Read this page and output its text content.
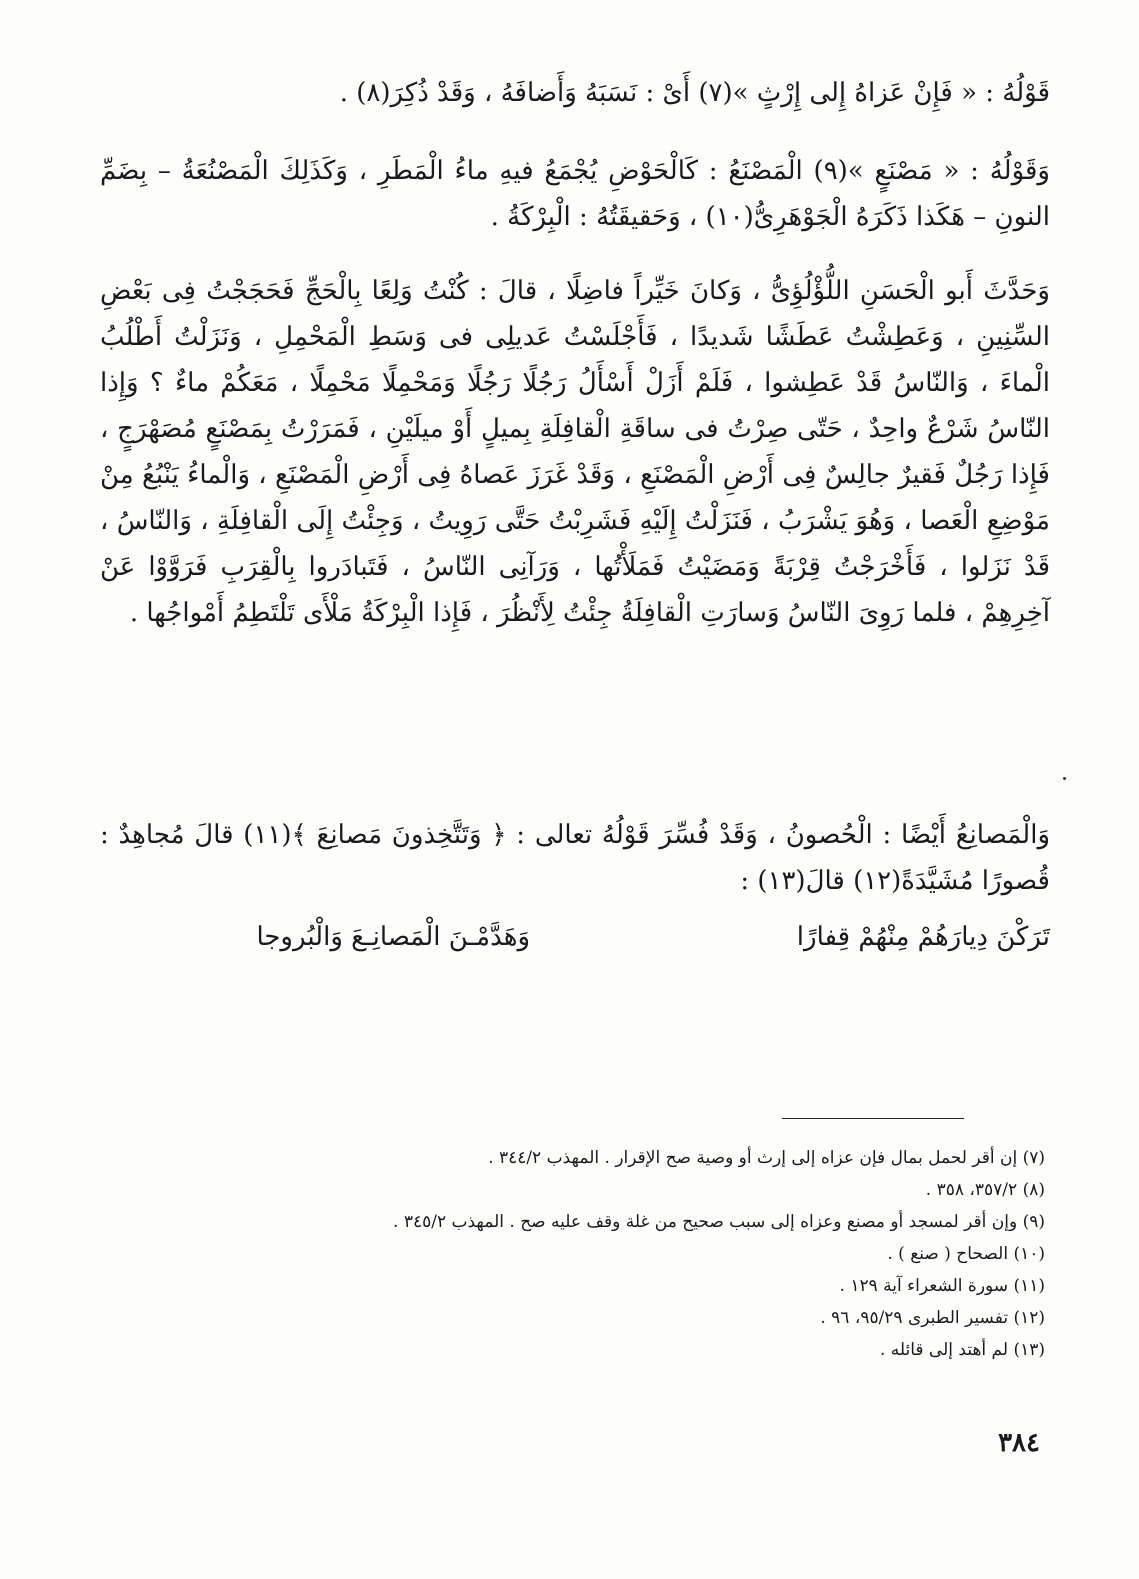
قَوْلُهُ : « فَإِنْ عَزاهُ إِلى إِرْثٍ »(٧) أَىْ : نَسَبَهُ وَأَضافَهُ ، وَقَدْ ذُكِرَ(٨) .
وَقَوْلُهُ : « مَصْنَعٍ »(٩) الْمَصْنَعُ : كَالْحَوْضِ يُجْمَعُ فيهِ ماءُ الْمَطَرِ ، وَكَذَلِكَ الْمَصْنُعَةُ – بِضَمِّ النونِ – هَكَذا ذَكَرَهُ الْجَوْهَرِىُّ(١٠) ، وَحَقيقَتُهُ : الْبِرْكَةُ .
وَحَدَّثَ أَبو الْحَسَنِ اللُّؤْلُؤِىُّ ، وَكانَ خَيِّراً فاضِلًا ، قالَ : كُنْتُ وَلِعًا بِالْحَجِّ فَحَجَجْتُ فِى بَعْضِ السِّنِينِ ، وَعَطِشْتُ عَطَشًا شَديدًا ، فَأَجْلَسْتُ عَديلِى فى وَسَطِ الْمَحْمِلِ ، وَنَزَلْتُ أَطْلُبُ الْماءَ ، وَالنّاسُ قَدْ عَطِشوا ، فَلَمْ أَزَلْ أَسْأَلُ رَجُلًا رَجُلًا وَمَحْمِلًا مَحْمِلًا ، مَعَكُمْ ماءٌ ؟ وَإِذا النّاسُ شَرْعٌ واحِدٌ ، حَتّى صِرْتُ فى ساقَةِ الْقافِلَةِ بِميلٍ أَوْ ميلَيْنِ ، فَمَرَرْتُ بِمَصْنَعٍ مُصَهْرَجٍ ، فَإِذا رَجُلٌ فَقيرٌ جالِسٌ فِى أَرْضِ الْمَصْنَعِ ، وَقَدْ غَرَزَ عَصاهُ فِى أَرْضِ الْمَصْنَعِ ، وَالْماءُ يَنْبُعُ مِنْ مَوْضِعِ الْعَصا ، وَهُوَ يَشْرَبُ ، فَنَزَلْتُ إِلَيْهِ فَشَرِبْتُ حَتَّى رَوِيتُ ، وَجِئْتُ إِلَى الْقافِلَةِ ، وَالنّاسُ ، قَدْ نَزَلوا ، فَأَخْرَجْتُ قِرْبَةً وَمَضَيْتُ فَمَلَأْتُها ، وَرَآنِى النّاسُ ، فَتَبادَروا بِالْقِرَبِ فَرَوَّوْا عَنْ آخِرِهِمْ ، فلما رَوِىَ النّاسُ وَسارَتِ الْقافِلَةُ جِئْتُ لِأَنْظُرَ ، فَإِذا الْبِرْكَةُ مَلْأَى تَلْتَطِمُ أَمْواجُها .
وَالْمَصانِعُ أَيْضًا : الْحُصونُ ، وَقَدْ فُسِّرَ قَوْلُهُ تعالى : ﴿ وَتَتَّخِذونَ مَصانِعَ ﴾(١١) قالَ مُجاهِدٌ : قُصورًا مُشَيَّدَةً(١٢) قالَ(١٣) :
تَرَكْنَ دِيارَهُمْ مِنْهُمْ قِفارًا
وَهَدَّمْـنَ الْمَصانِـعَ وَالْبُروجا
(٧) إن أقر لحمل بمال فإن عزاه إلى إرث أو وصية صح الإقرار . المهذب ٣٤٤/٢ .
(٨) ٣٥٧/٢، ٣٥٨ .
(٩) وإن أقر لمسجد أو مصنع وعزاه إلى سبب صحيح من غلة وقف عليه صح . المهذب ٣٤٥/٢ .
(١٠) الصحاح ( صنع ) .
(١١) سورة الشعراء آية ١٢٩ .
(١٢) تفسير الطبرى ٩٥/٢٩، ٩٦ .
(١٣) لم أهتد إلى قائله .
٣٨٤
